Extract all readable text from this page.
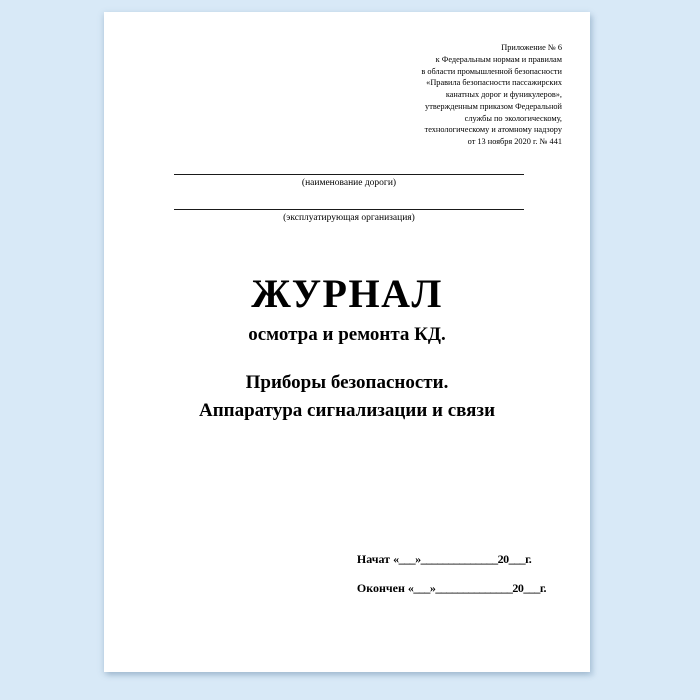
Приложение № 6
к Федеральным нормам и правилам
в области промышленной безопасности
«Правила безопасности пассажирских
канатных дорог и фуникулеров»,
утвержденным приказом Федеральной
службы по экологическому,
технологическому и атомному надзору
от 13 ноября 2020 г. № 441
(наименование дороги)
(эксплуатирующая организация)
ЖУРНАЛ
осмотра и ремонта КД.
Приборы безопасности.
Аппаратура сигнализации и связи
Начат «___»______________20___г.
Окончен «___»______________20___г.
